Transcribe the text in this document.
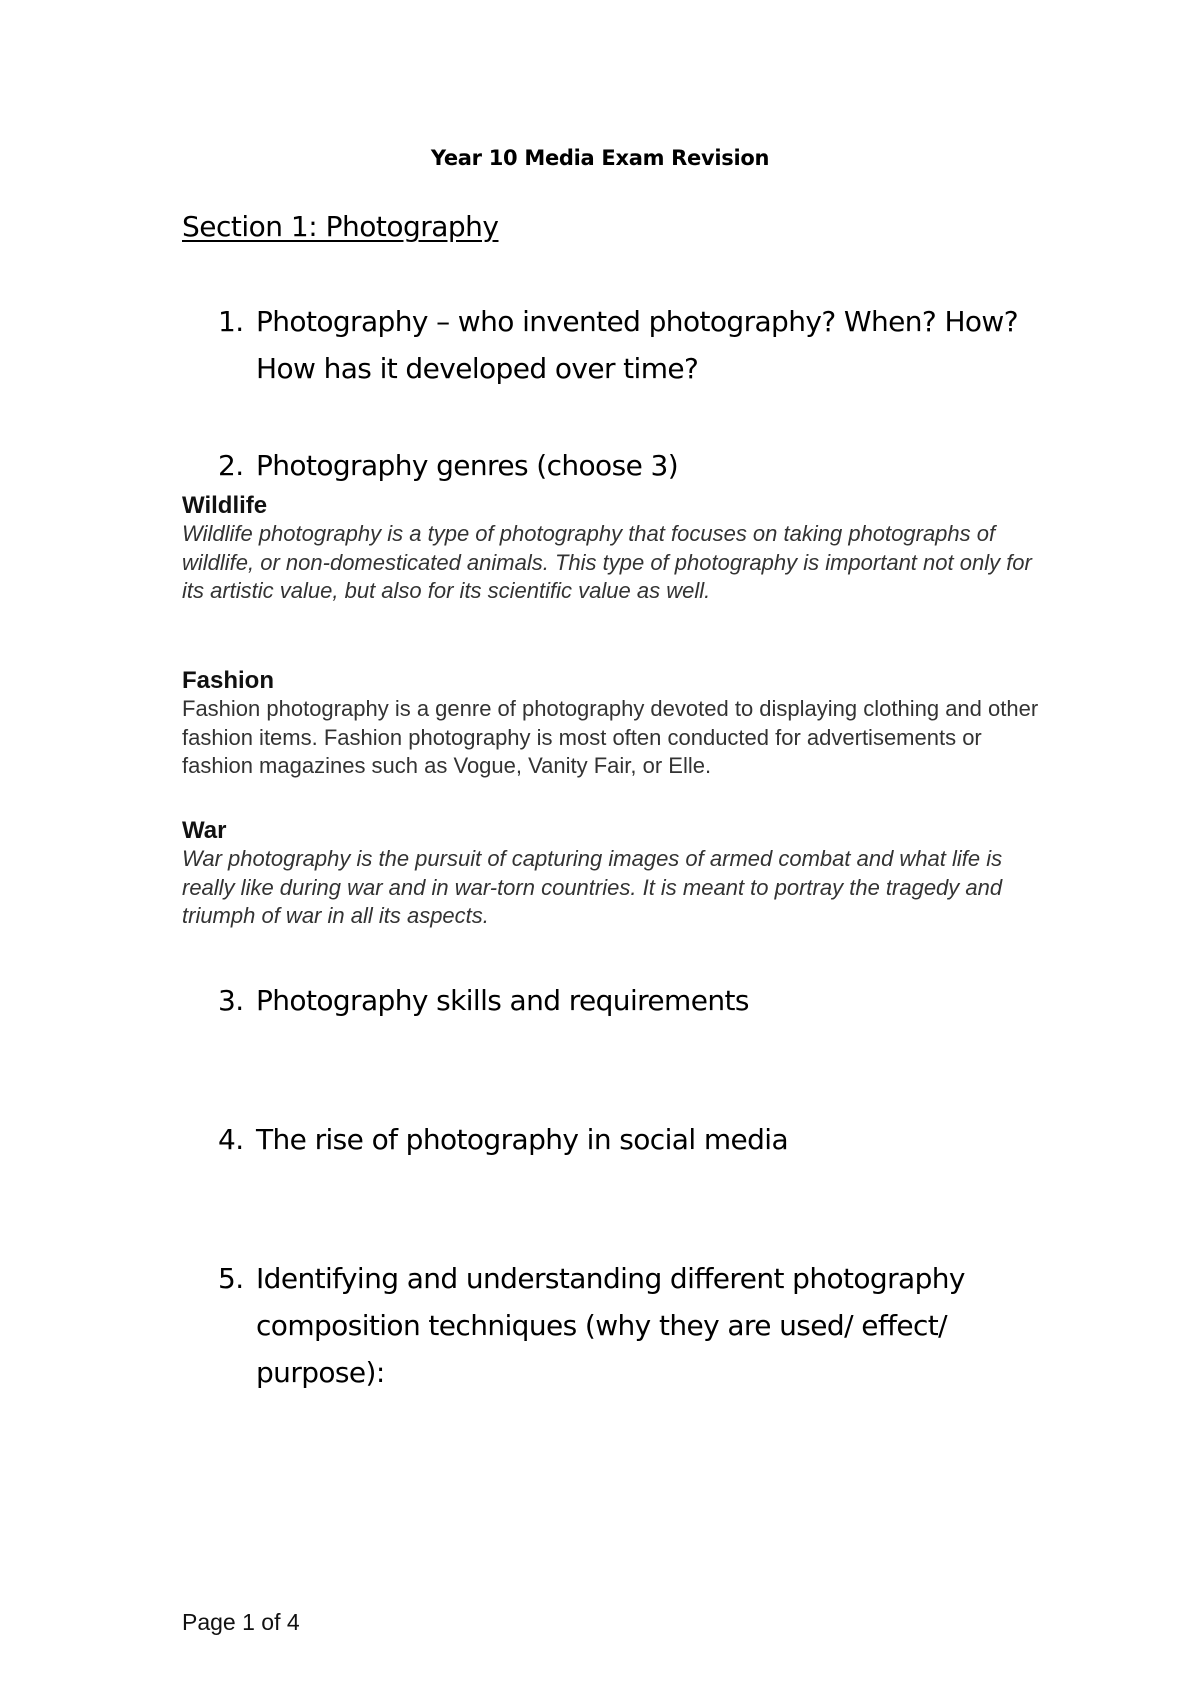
Year 10 Media Exam Revision
Section 1: Photography
1. Photography – who invented photography? When? How? How has it developed over time?
2. Photography genres (choose 3)
Wildlife
Wildlife photography is a type of photography that focuses on taking photographs of wildlife, or non-domesticated animals. This type of photography is important not only for its artistic value, but also for its scientific value as well.
Fashion
Fashion photography is a genre of photography devoted to displaying clothing and other fashion items. Fashion photography is most often conducted for advertisements or fashion magazines such as Vogue, Vanity Fair, or Elle.
War
War photography is the pursuit of capturing images of armed combat and what life is really like during war and in war-torn countries. It is meant to portray the tragedy and triumph of war in all its aspects.
3. Photography skills and requirements
4. The rise of photography in social media
5. Identifying and understanding different photography composition techniques (why they are used/ effect/ purpose):
Page 1 of 4
